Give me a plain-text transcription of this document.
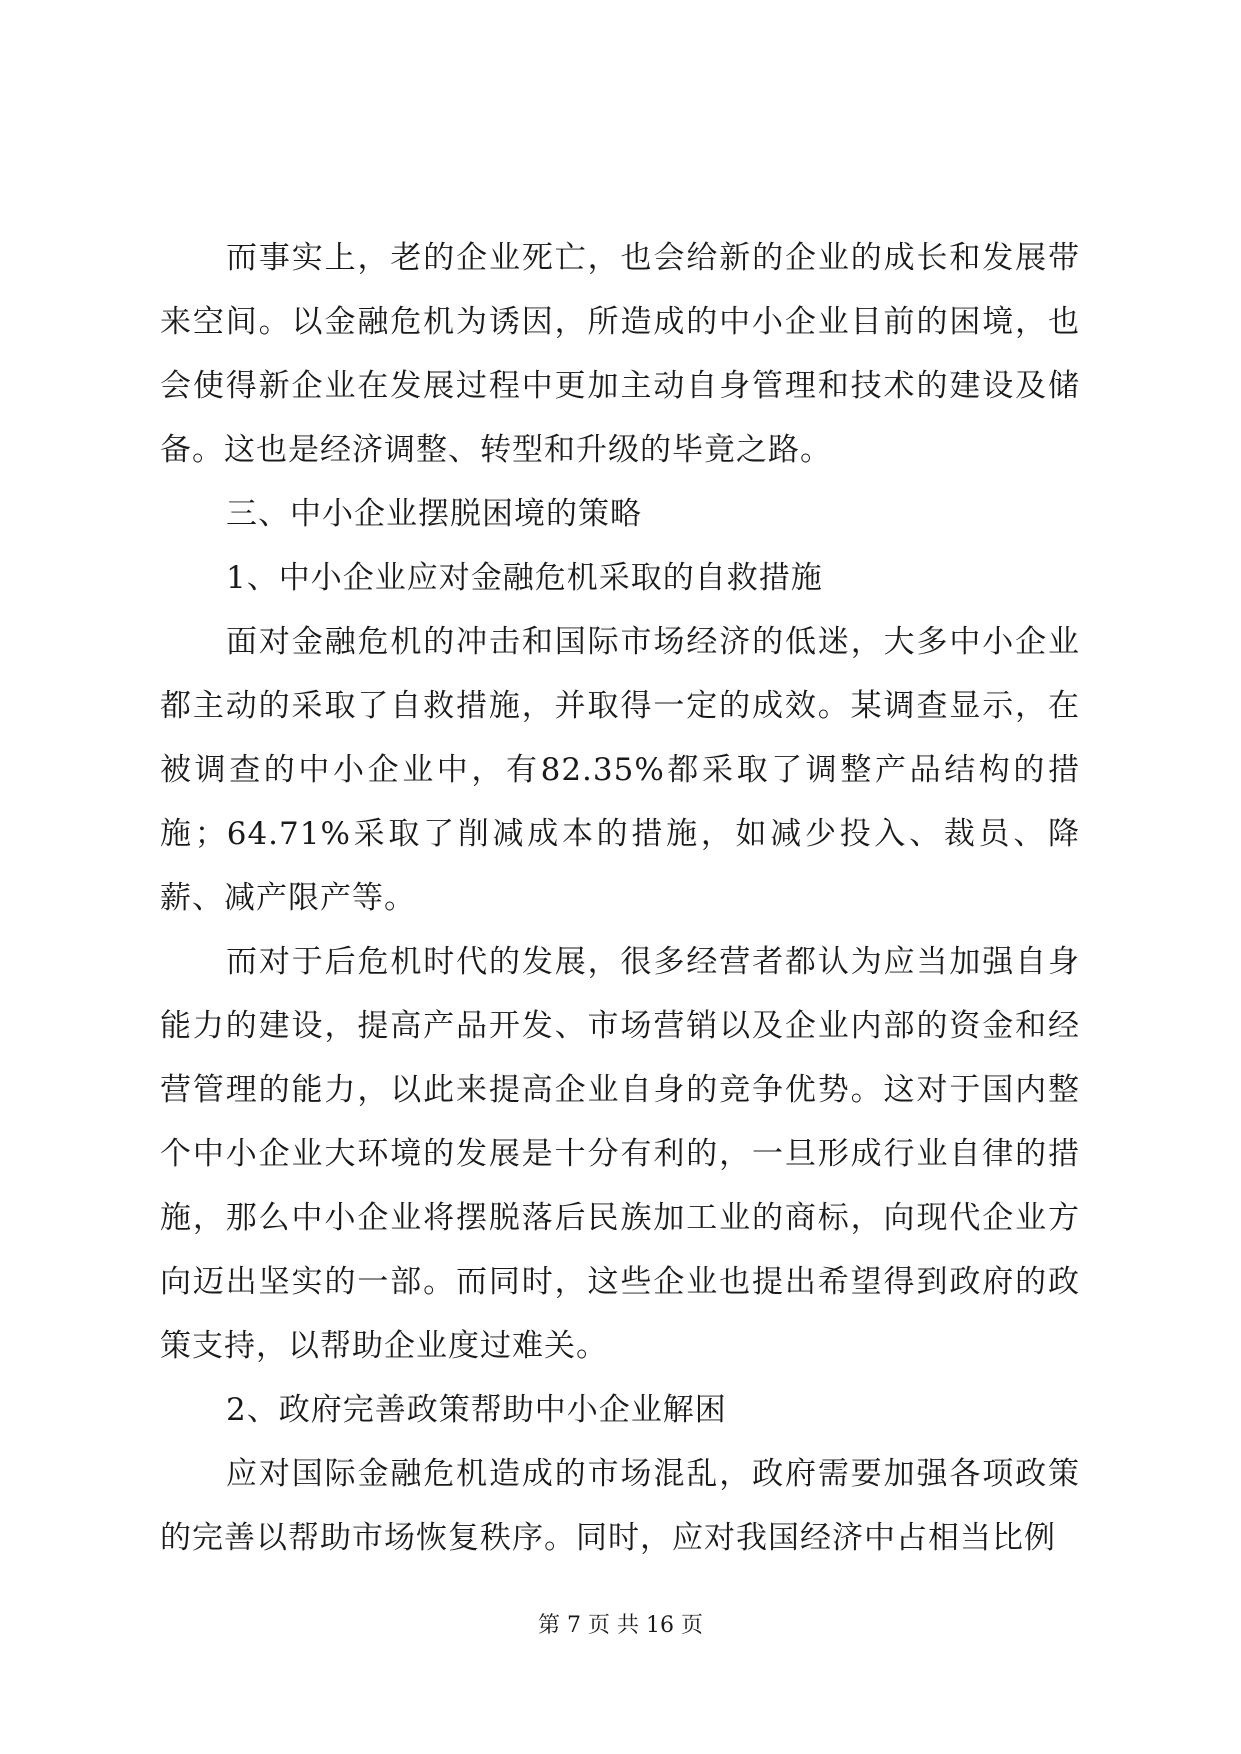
而事实上，老的企业死亡，也会给新的企业的成长和发展带来空间。以金融危机为诱因，所造成的中小企业目前的困境，也会使得新企业在发展过程中更加主动自身管理和技术的建设及储备。这也是经济调整、转型和升级的毕竟之路。

三、中小企业摆脱困境的策略

1、中小企业应对金融危机采取的自救措施

面对金融危机的冲击和国际市场经济的低迷，大多中小企业都主动的采取了自救措施，并取得一定的成效。某调查显示，在被调查的中小企业中，有82.35%都采取了调整产品结构的措施；64.71%采取了削减成本的措施，如减少投入、裁员、降薪、减产限产等。

而对于后危机时代的发展，很多经营者都认为应当加强自身能力的建设，提高产品开发、市场营销以及企业内部的资金和经营管理的能力，以此来提高企业自身的竞争优势。这对于国内整个中小企业大环境的发展是十分有利的，一旦形成行业自律的措施，那么中小企业将摆脱落后民族加工业的商标，向现代企业方向迈出坚实的一部。而同时，这些企业也提出希望得到政府的政策支持，以帮助企业度过难关。

2、政府完善政策帮助中小企业解困

应对国际金融危机造成的市场混乱，政府需要加强各项政策的完善以帮助市场恢复秩序。同时，应对我国经济中占相当比例

第 7 页 共 16 页
